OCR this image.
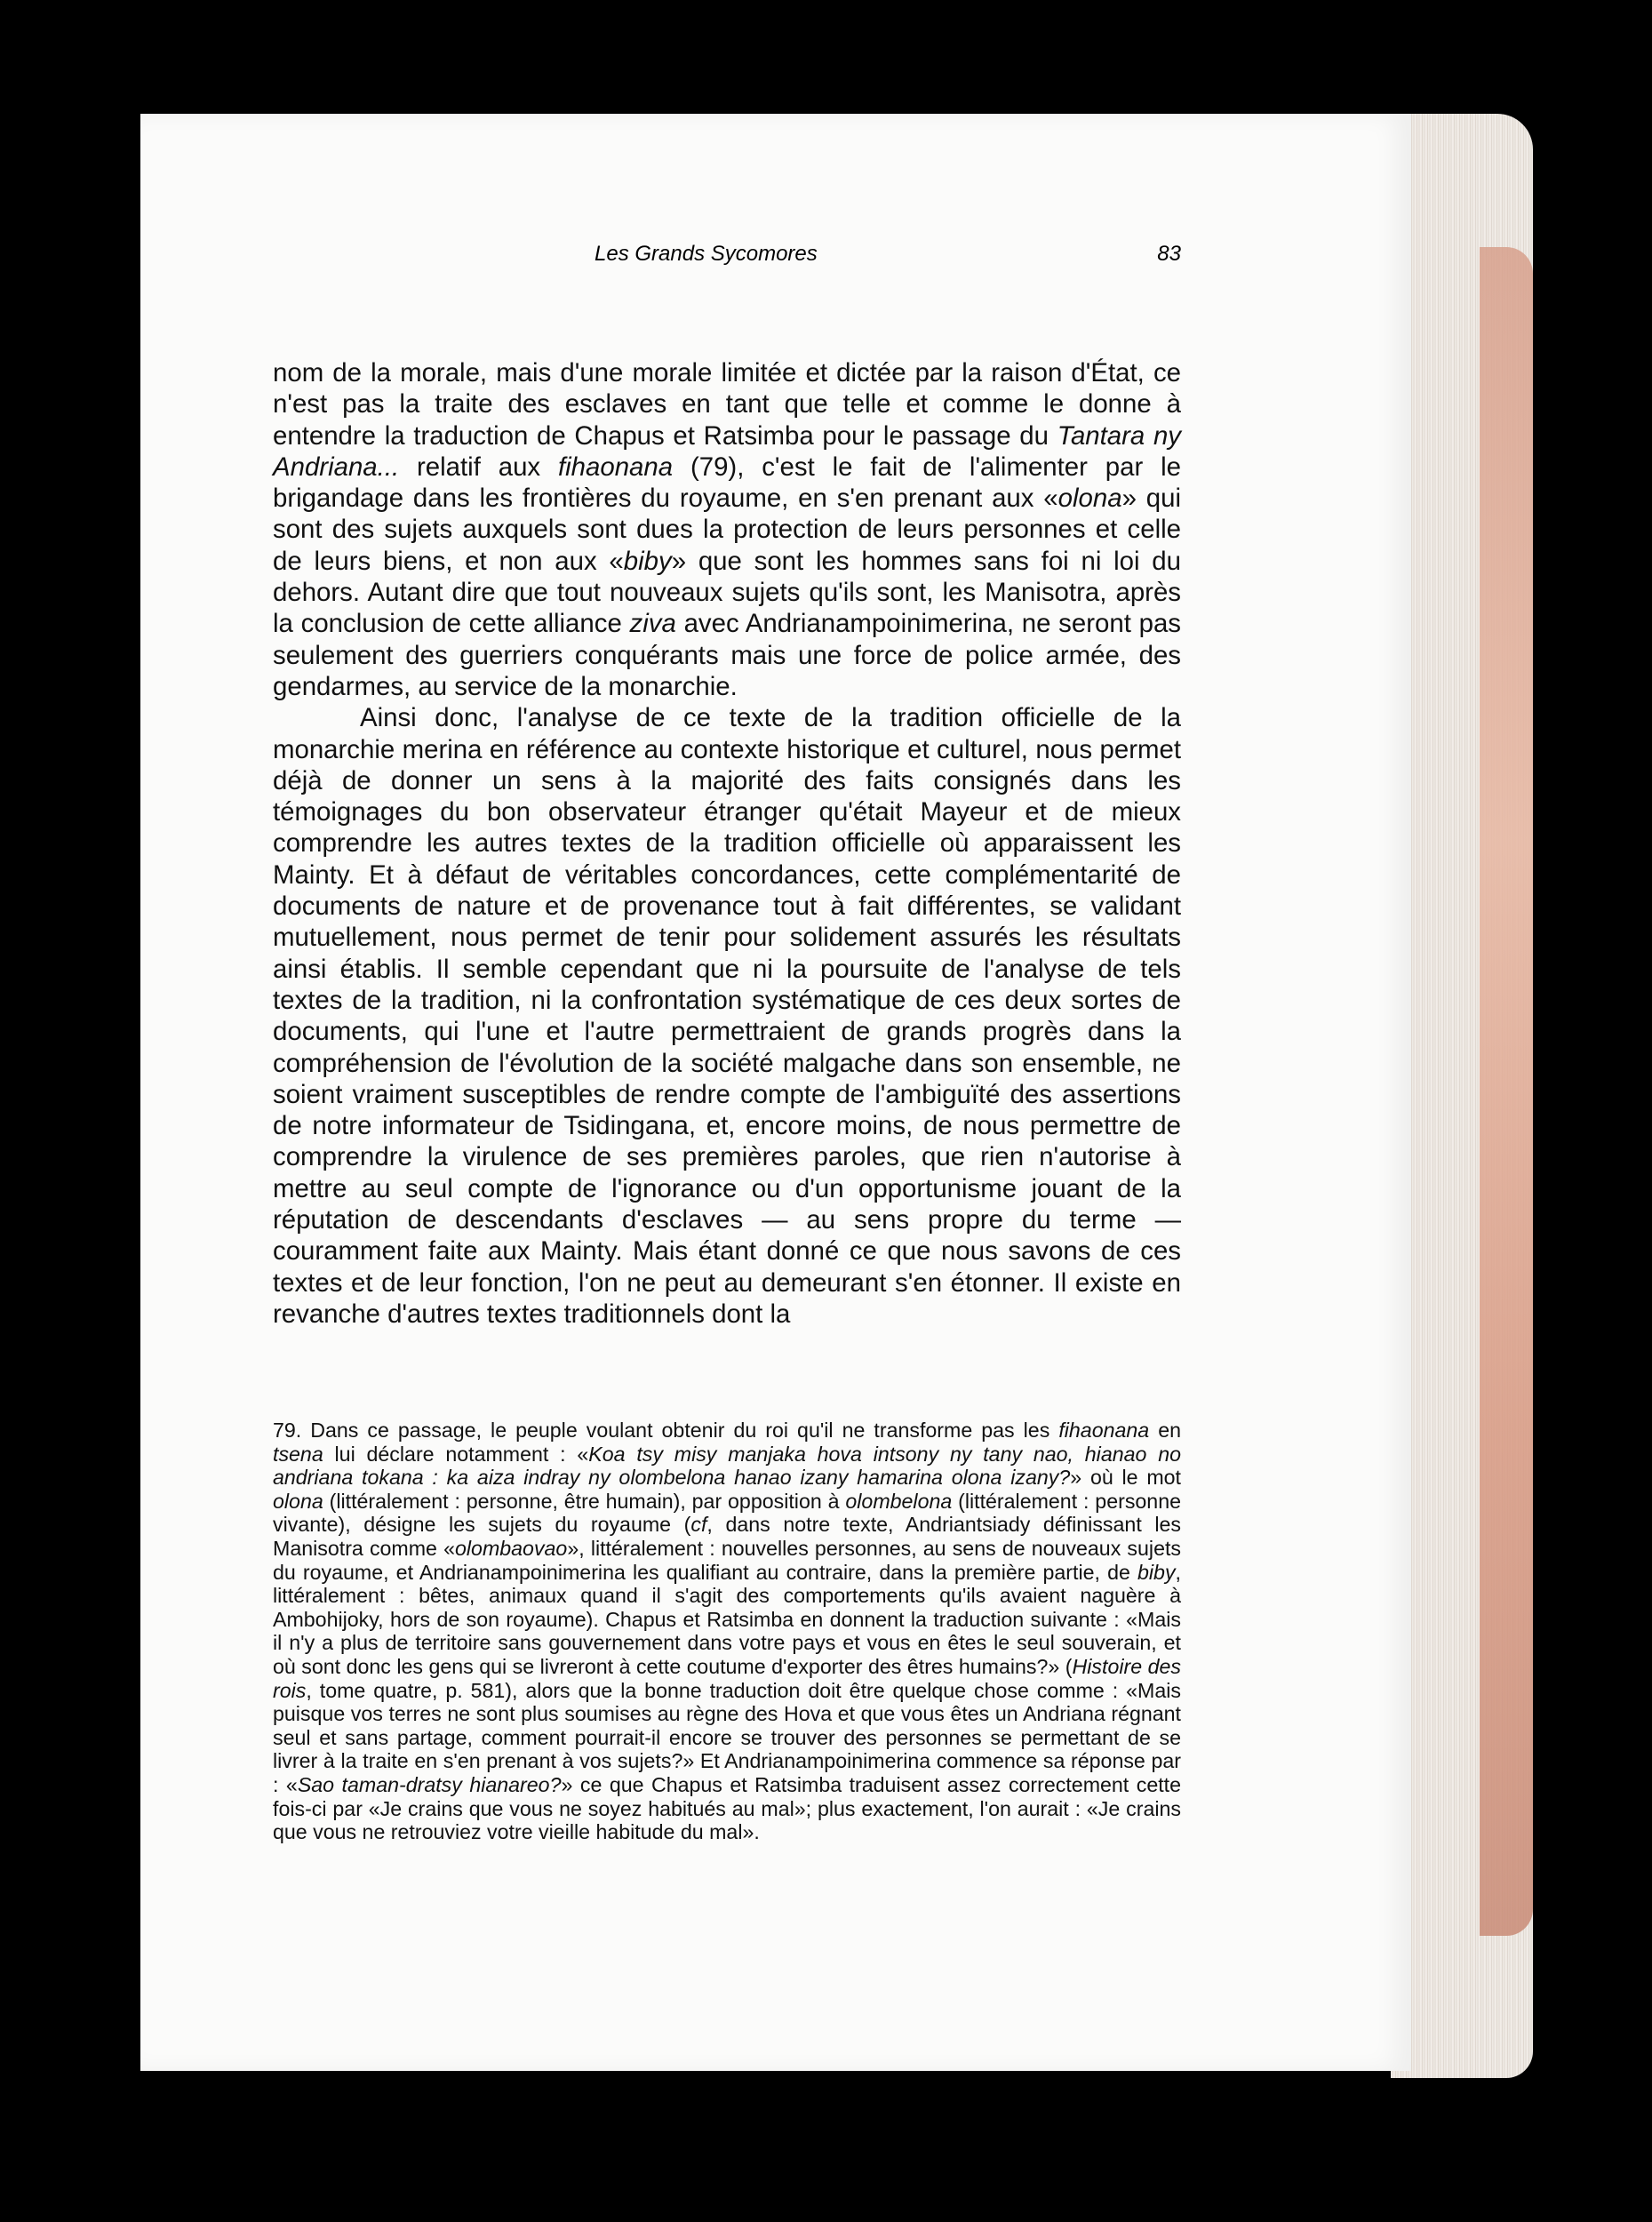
Les Grands Sycomores	83

nom de la morale, mais d'une morale limitée et dictée par la raison d'État, ce n'est pas la traite des esclaves en tant que telle et comme le donne à entendre la traduction de Chapus et Ratsimba pour le passage du Tantara ny Andriana... relatif aux fihaonana (79), c'est le fait de l'alimenter par le brigandage dans les frontières du royaume, en s'en prenant aux «olona» qui sont des sujets auxquels sont dues la protection de leurs personnes et celle de leurs biens, et non aux «biby» que sont les hommes sans foi ni loi du dehors. Autant dire que tout nouveaux sujets qu'ils sont, les Manisotra, après la conclusion de cette alliance ziva avec Andrianampoinimerina, ne seront pas seulement des guerriers conquérants mais une force de police armée, des gendarmes, au service de la monarchie.

Ainsi donc, l'analyse de ce texte de la tradition officielle de la monarchie merina en référence au contexte historique et culturel, nous permet déjà de donner un sens à la majorité des faits consignés dans les témoignages du bon observateur étranger qu'était Mayeur et de mieux comprendre les autres textes de la tradition officielle où apparaissent les Mainty. Et à défaut de véritables concordances, cette complémentarité de documents de nature et de provenance tout à fait différentes, se validant mutuellement, nous permet de tenir pour solidement assurés les résultats ainsi établis. Il semble cependant que ni la poursuite de l'analyse de tels textes de la tradition, ni la confrontation systématique de ces deux sortes de documents, qui l'une et l'autre permettraient de grands progrès dans la compréhension de l'évolution de la société malgache dans son ensemble, ne soient vraiment susceptibles de rendre compte de l'ambiguïté des assertions de notre informateur de Tsidingana, et, encore moins, de nous permettre de comprendre la virulence de ses premières paroles, que rien n'autorise à mettre au seul compte de l'ignorance ou d'un opportunisme jouant de la réputation de descendants d'esclaves — au sens propre du terme — couramment faite aux Mainty. Mais étant donné ce que nous savons de ces textes et de leur fonction, l'on ne peut au demeurant s'en étonner. Il existe en revanche d'autres textes traditionnels dont la

79. Dans ce passage, le peuple voulant obtenir du roi qu'il ne transforme pas les fihaonana en tsena lui déclare notamment : «Koa tsy misy manjaka hova intsony ny tany nao, hianao no andriana tokana : ka aiza indray ny olombelona hanao izany hamarina olona izany?» où le mot olona (littéralement : personne, être humain), par opposition à olombelona (littéralement : personne vivante), désigne les sujets du royaume (cf, dans notre texte, Andriantsiady définissant les Manisotra comme «olombaovao», littéralement : nouvelles personnes, au sens de nouveaux sujets du royaume, et Andrianampoinimerina les qualifiant au contraire, dans la première partie, de biby, littéralement : bêtes, animaux quand il s'agit des comportements qu'ils avaient naguère à Ambohijoky, hors de son royaume). Chapus et Ratsimba en donnent la traduction suivante : «Mais il n'y a plus de territoire sans gouvernement dans votre pays et vous en êtes le seul souverain, et où sont donc les gens qui se livreront à cette coutume d'exporter des êtres humains?» (Histoire des rois, tome quatre, p. 581), alors que la bonne traduction doit être quelque chose comme : «Mais puisque vos terres ne sont plus soumises au règne des Hova et que vous êtes un Andriana régnant seul et sans partage, comment pourrait-il encore se trouver des personnes se permettant de se livrer à la traite en s'en prenant à vos sujets?» Et Andrianampoinimerina commence sa réponse par : «Sao taman-dratsy hianareo?» ce que Chapus et Ratsimba traduisent assez correctement cette fois-ci par «Je crains que vous ne soyez habitués au mal»; plus exactement, l'on aurait : «Je crains que vous ne retrouviez votre vieille habitude du mal».
